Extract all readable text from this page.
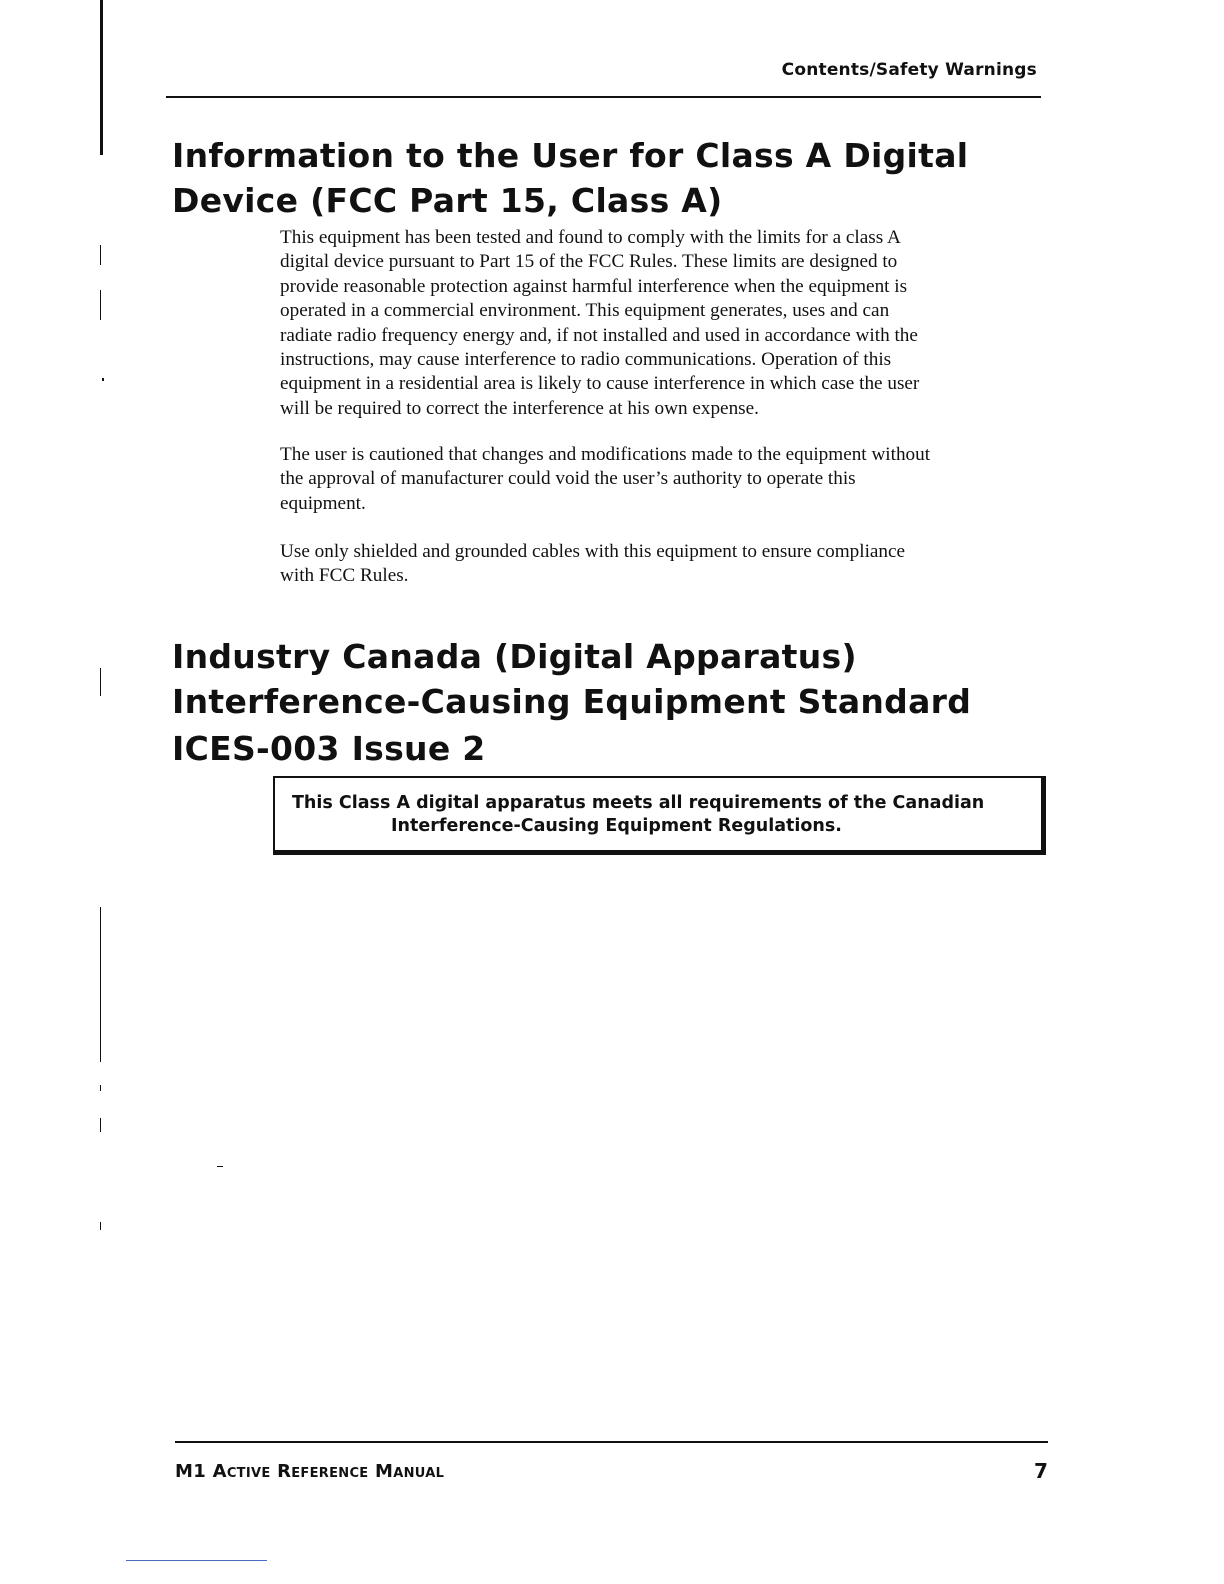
Contents/Safety Warnings
Information to the User for Class A Digital
Device (FCC Part 15, Class A)

This equipment has been tested and found to comply with the limits for a class A
digital device pursuant to Part 15 of the FCC Rules. These limits are designed to
provide reasonable protection against harmful interference when the equipment is
operated in a commercial environment. This equipment generates, uses and can
radiate radio frequency energy and, if not installed and used in accordance with the
instructions, may cause interference to radio communications. Operation of this
equipment in a residential area is likely to cause interference in which case the user
will be required to correct the interference at his own expense.

The user is cautioned that changes and modifications made to the equipment without
the approval of manufacturer could void the user’s authority to operate this
equipment.

Use only shielded and grounded cables with this equipment to ensure compliance
with FCC Rules.

Industry Canada (Digital Apparatus)
Interference-Causing Equipment Standard
ICES-003 Issue 2

This Class A digital apparatus meets all requirements of the Canadian
Interference-Causing Equipment Regulations.

M1 Active Reference Manual	7
